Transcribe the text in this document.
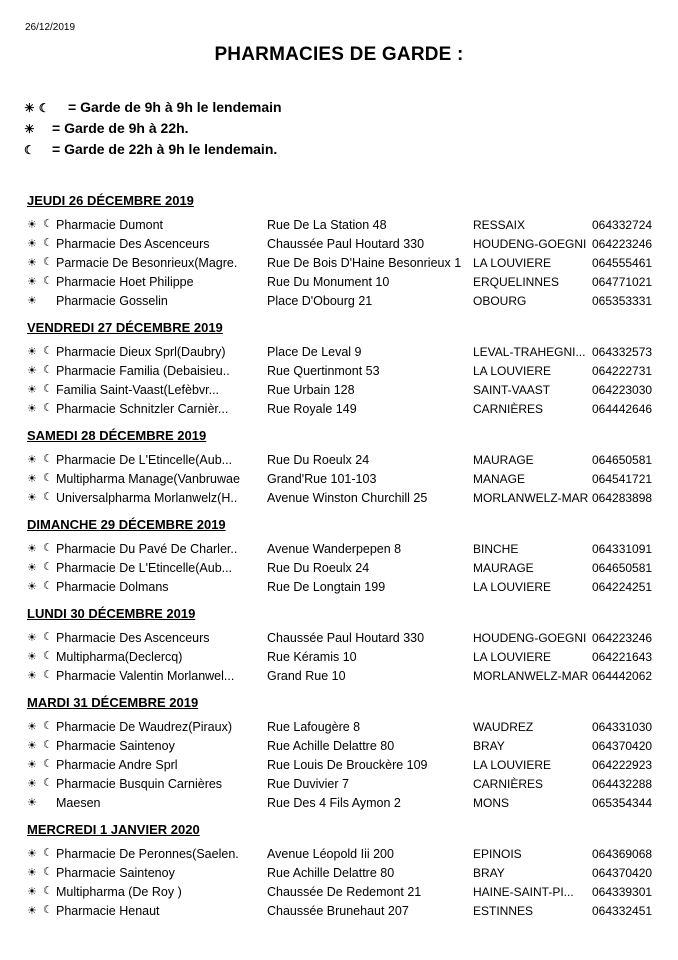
26/12/2019
PHARMACIES DE GARDE :
☀ ☾	= Garde de 9h à 9h le lendemain
☀	= Garde de 9h à 22h.
☾	= Garde de 22h à 9h le lendemain.
JEUDI 26 DÉCEMBRE 2019
☀ ☾ Pharmacie Dumont	Rue De La Station 48	RESSAIX	064332724
☀ ☾ Pharmacie Des Ascenceurs	Chaussée Paul Houtard 330	HOUDENG-GOEGNI 064223246
☀ ☾ Parmacie De Besonrieux(Magre.	Rue De Bois D'Haine Besonrieux 1 LA LOUVIERE	064555461
☀ ☾ Pharmacie Hoet Philippe	Rue Du Monument 10	ERQUELINNES	064771021
☀ Pharmacie Gosselin	Place D'Obourg 21	OBOURG	065353331
VENDREDI 27 DÉCEMBRE 2019
☀ ☾ Pharmacie Dieux Sprl(Daubry)	Place De Leval 9	LEVAL-TRAHEGNI... 064332573
☀ ☾ Pharmacie Familia (Debaisieu..	Rue Quertinmont 53	LA LOUVIERE	064222731
☀ ☾ Familia Saint-Vaast(Lefèbvr...	Rue Urbain 128	SAINT-VAAST	064223030
☀ ☾ Pharmacie Schnitzler Carnièr...	Rue Royale 149	CARNIÈRES	064442646
SAMEDI 28 DÉCEMBRE 2019
☀ ☾ Pharmacie De L'Etincelle(Aub...	Rue Du Roeulx 24	MAURAGE	064650581
☀ ☾ Multipharma Manage(Vanbruwae	Grand'Rue 101-103	MANAGE	064541721
☀ ☾ Universalpharma Morlanwelz(H..	Avenue Winston Churchill 25	MORLANWELZ-MAR 064283898
DIMANCHE 29 DÉCEMBRE 2019
☀ ☾ Pharmacie Du Pavé De Charler..	Avenue Wanderpepen 8	BINCHE	064331091
☀ ☾ Pharmacie De L'Etincelle(Aub...	Rue Du Roeulx 24	MAURAGE	064650581
☀ ☾ Pharmacie Dolmans	Rue De Longtain 199	LA LOUVIERE	064224251
LUNDI 30 DÉCEMBRE 2019
☀ ☾ Pharmacie Des Ascenceurs	Chaussée Paul Houtard 330	HOUDENG-GOEGNI 064223246
☀ ☾ Multipharma(Declercq)	Rue Kéramis 10	LA LOUVIERE	064221643
☀ ☾ Pharmacie Valentin Morlanwel...	Grand Rue 10	MORLANWELZ-MAR 064442062
MARDI 31 DÉCEMBRE 2019
☀ ☾ Pharmacie De Waudrez(Piraux)	Rue Lafougère 8	WAUDREZ	064331030
☀ ☾ Pharmacie Saintenoy	Rue Achille Delattre 80	BRAY	064370420
☀ ☾ Pharmacie Andre Sprl	Rue Louis De Brouckère 109	LA LOUVIERE	064222923
☀ ☾ Pharmacie Busquin Carnières	Rue Duvivier 7	CARNIÈRES	064432288
☀ Maesen	Rue Des 4 Fils Aymon 2	MONS	065354344
MERCREDI 1 JANVIER 2020
☀ ☾ Pharmacie De Peronnes(Saelen.	Avenue Léopold Iii 200	EPINOIS	064369068
☀ ☾ Pharmacie Saintenoy	Rue Achille Delattre 80	BRAY	064370420
☀ ☾ Multipharma (De Roy )	Chaussée De Redemont 21	HAINE-SAINT-PI...	064339301
☀ ☾ Pharmacie Henaut	Chaussée Brunehaut 207	ESTINNES	064332451
